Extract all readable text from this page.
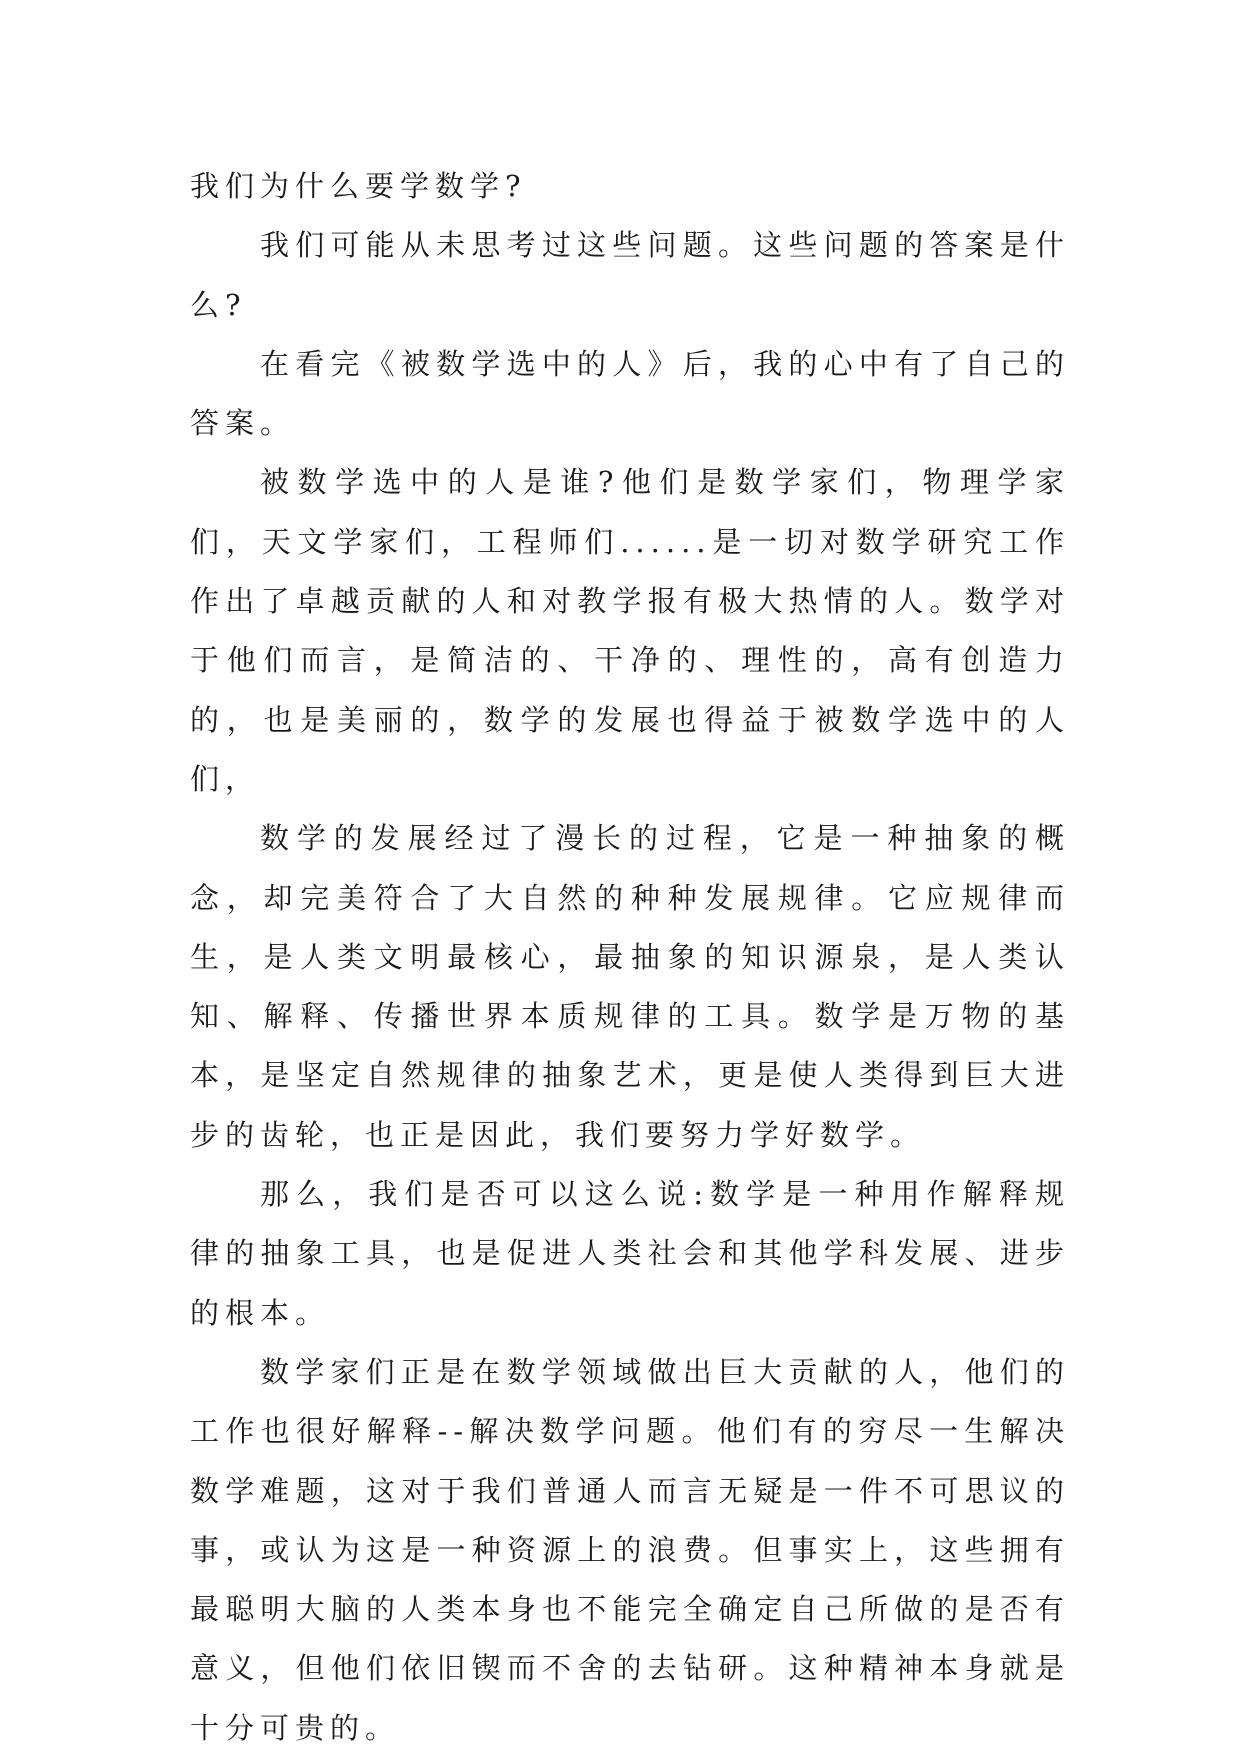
我们为什么要学数学?

我们可能从未思考过这些问题。这些问题的答案是什么?

在看完《被数学选中的人》后，我的心中有了自己的答案。

被数学选中的人是谁?他们是数学家们，物理学家们，天文学家们，工程师们......是一切对数学研究工作作出了卓越贡献的人和对教学报有极大热情的人。数学对于他们而言，是简洁的、干净的、理性的，高有创造力的，也是美丽的，数学的发展也得益于被数学选中的人们，

数学的发展经过了漫长的过程，它是一种抽象的概念，却完美符合了大自然的种种发展规律。它应规律而生，是人类文明最核心，最抽象的知识源泉，是人类认知、解释、传播世界本质规律的工具。数学是万物的基本，是坚定自然规律的抽象艺术，更是使人类得到巨大进步的齿轮，也正是因此，我们要努力学好数学。

那么，我们是否可以这么说:数学是一种用作解释规律的抽象工具，也是促进人类社会和其他学科发展、进步的根本。

数学家们正是在数学领域做出巨大贡献的人，他们的工作也很好解释--解决数学问题。他们有的穷尽一生解决数学难题，这对于我们普通人而言无疑是一件不可思议的事，或认为这是一种资源上的浪费。但事实上，这些拥有最聪明大脑的人类本身也不能完全确定自己所做的是否有意义，但他们依旧锲而不舍的去钻研。这种精神本身就是十分可贵的。
